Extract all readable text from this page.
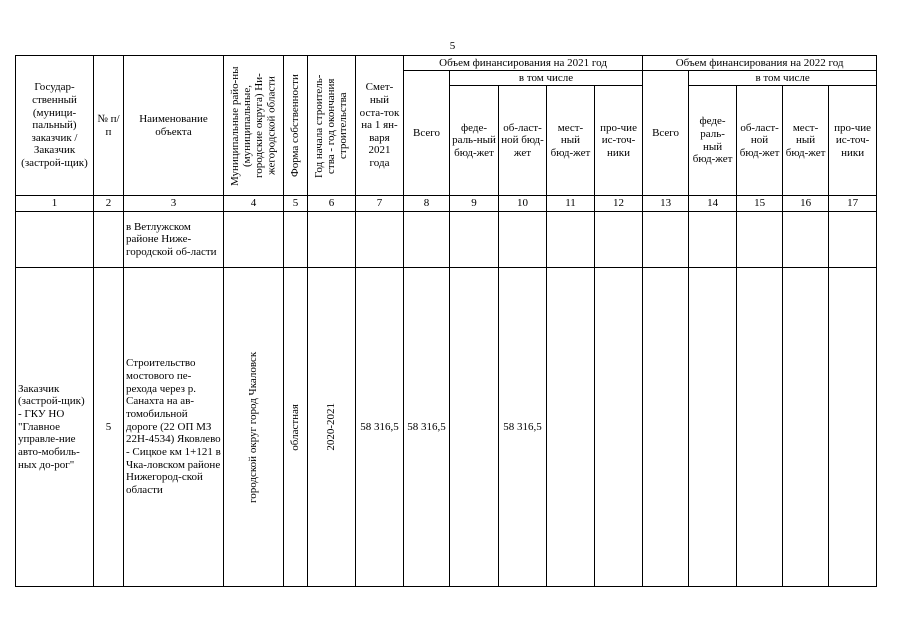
5
Государ-ственный (муници-пальный) заказчик / Заказчик (застрой-щик)	№ п/п	Наименование объекта	Муниципальные райо-ны (муниципальные, городские округа) Ни-жегородской области	Форма собственности	Год начала строитель-ства - год окончания строительства	Смет-ный оста-ток на 1 ян-варя 2021 года	Объем финансирования на 2021 год					Объем финансирования на 2022 год				
							Всего	в том числе				Всего	в том числе			
								феде-раль-ный бюд-жет	об-ласт-ной бюд-жет	мест-ный бюд-жет	про-чие ис-точ-ники		феде-раль-ный бюд-жет	об-ласт-ной бюд-жет	мест-ный бюд-жет	про-чие ис-точ-ники
1	2	3	4	5	6	7	8	9	10	11	12	13	14	15	16	17
		в Ветлужском районе Ниже-городской об-ласти														
Заказчик (застрой-щик) - ГКУ НО "Главное управле-ние авто-мобиль-ных до-рог"	5	Строительство мостового пе-рехода через р. Санахта на ав-томобильной дороге (22 ОП МЗ 22Н-4534) Яковлево - Сицкое км 1+121 в Чка-ловском районе Нижегород-ской области	городской округ город Чкаловск	областная	2020-2021	58 316,5	58 316,5		58 316,5							
